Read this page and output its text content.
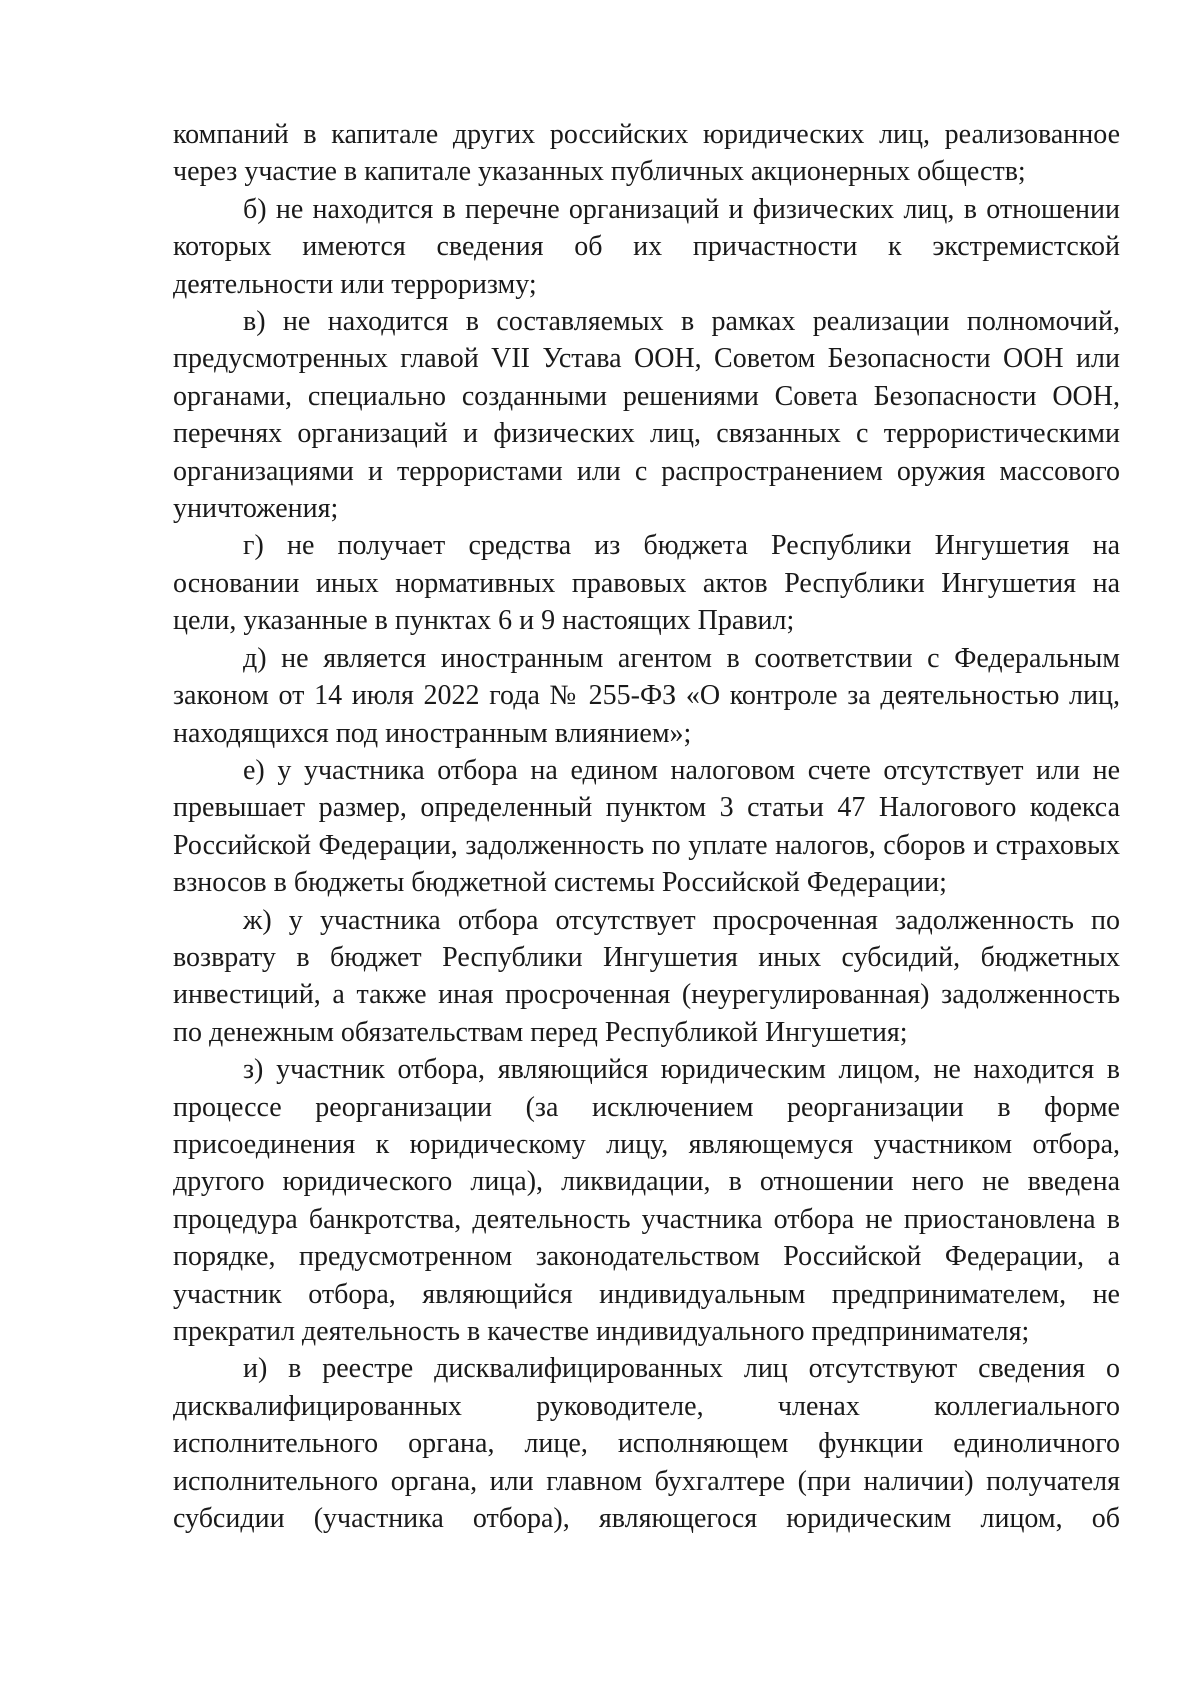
компаний в капитале других российских юридических лиц, реализованное через участие в капитале указанных публичных акционерных обществ;

б) не находится в перечне организаций и физических лиц, в отношении которых имеются сведения об их причастности к экстремистской деятельности или терроризму;

в) не находится в составляемых в рамках реализации полномочий, предусмотренных главой VII Устава ООН, Советом Безопасности ООН или органами, специально созданными решениями Совета Безопасности ООН, перечнях организаций и физических лиц, связанных с террористическими организациями и террористами или с распространением оружия массового уничтожения;

г) не получает средства из бюджета Республики Ингушетия на основании иных нормативных правовых актов Республики Ингушетия на цели, указанные в пунктах 6 и 9 настоящих Правил;

д) не является иностранным агентом в соответствии с Федеральным законом от 14 июля 2022 года № 255-ФЗ «О контроле за деятельностью лиц, находящихся под иностранным влиянием»;

е) у участника отбора на едином налоговом счете отсутствует или не превышает размер, определенный пунктом 3 статьи 47 Налогового кодекса Российской Федерации, задолженность по уплате налогов, сборов и страховых взносов в бюджеты бюджетной системы Российской Федерации;

ж) у участника отбора отсутствует просроченная задолженность по возврату в бюджет Республики Ингушетия иных субсидий, бюджетных инвестиций, а также иная просроченная (неурегулированная) задолженность по денежным обязательствам перед Республикой Ингушетия;

з) участник отбора, являющийся юридическим лицом, не находится в процессе реорганизации (за исключением реорганизации в форме присоединения к юридическому лицу, являющемуся участником отбора, другого юридического лица), ликвидации, в отношении него не введена процедура банкротства, деятельность участника отбора не приостановлена в порядке, предусмотренном законодательством Российской Федерации, а участник отбора, являющийся индивидуальным предпринимателем, не прекратил деятельность в качестве индивидуального предпринимателя;

и) в реестре дисквалифицированных лиц отсутствуют сведения о дисквалифицированных руководителе, членах коллегиального исполнительного органа, лице, исполняющем функции единоличного исполнительного органа, или главном бухгалтере (при наличии) получателя субсидии (участника отбора), являющегося юридическим лицом, об
